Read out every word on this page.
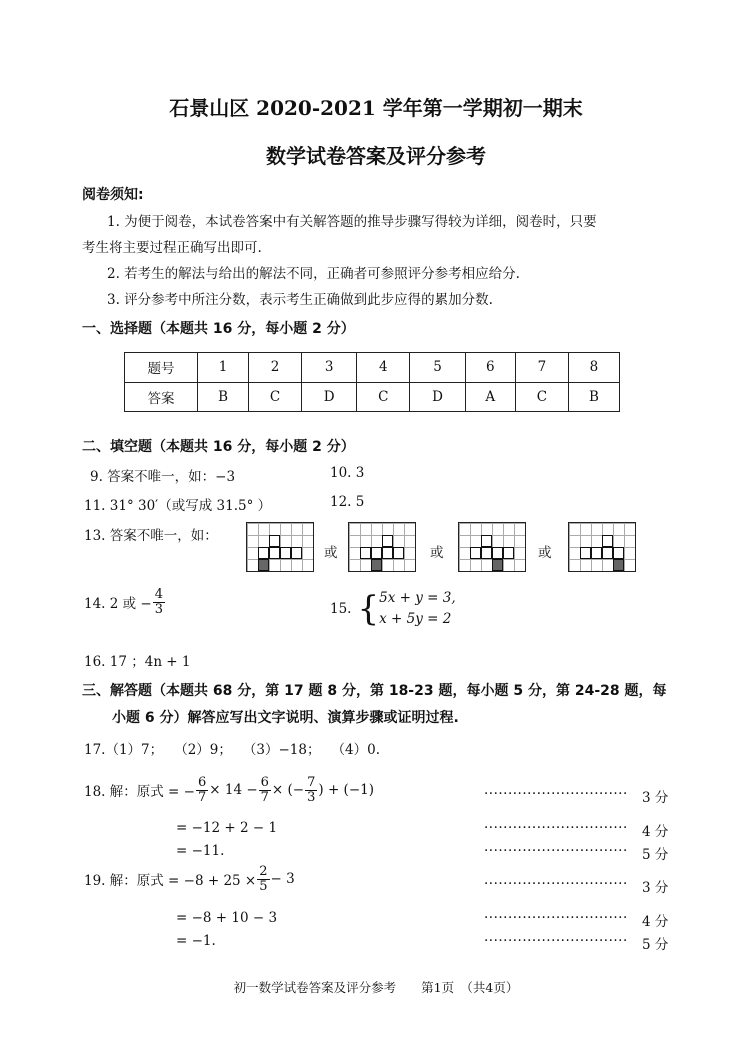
石景山区 2020-2021 学年第一学期初一期末
数学试卷答案及评分参考
阅卷须知:
1. 为便于阅卷，本试卷答案中有关解答题的推导步骤写得较为详细，阅卷时，只要
考生将主要过程正确写出即可.
2. 若考生的解法与给出的解法不同，正确者可参照评分参考相应给分.
3. 评分参考中所注分数，表示考生正确做到此步应得的累加分数.
一、选择题（本题共 16 分，每小题 2 分）
题号	1	2	3	4	5	6	7	8
答案	B	C	D	C	D	A	C	B
二、填空题（本题共 16 分，每小题 2 分）
9. 答案不唯一，如：−3	10. 3
11. 31° 30′（或写成 31.5° ）	12. 5
13. 答案不唯一，如：
或	或	或
14. 2 或 − $\frac{4}{3}$	15. { 5x + y = 3,
x + 5y = 2
16. 17 ；4n + 1
三、解答题（本题共 68 分，第 17 题 8 分，第 18-23 题，每小题 5 分，第 24-28 题，每
小题 6 分）解答应写出文字说明、演算步骤或证明过程.
17.（1）7；　 （2）9；　 （3）−18；　 （4）0.
18. 解：原式 = − $\frac{6}{7} \times 14 - \frac{6}{7}$ × (− $\frac{7}{3}$ ) + (−1)	······························ 3 分
= −12 + 2 − 1	······························ 4 分
= −11.	······························ 5 分
19. 解：原式 = $-8 + 25 \times \frac{2}{5} - 3$	······························ 3 分
= −8 + 10 − 3	······························ 4 分
= −1.	······························ 5 分
初一数学试卷答案及评分参考　　第1页　（共4页）
